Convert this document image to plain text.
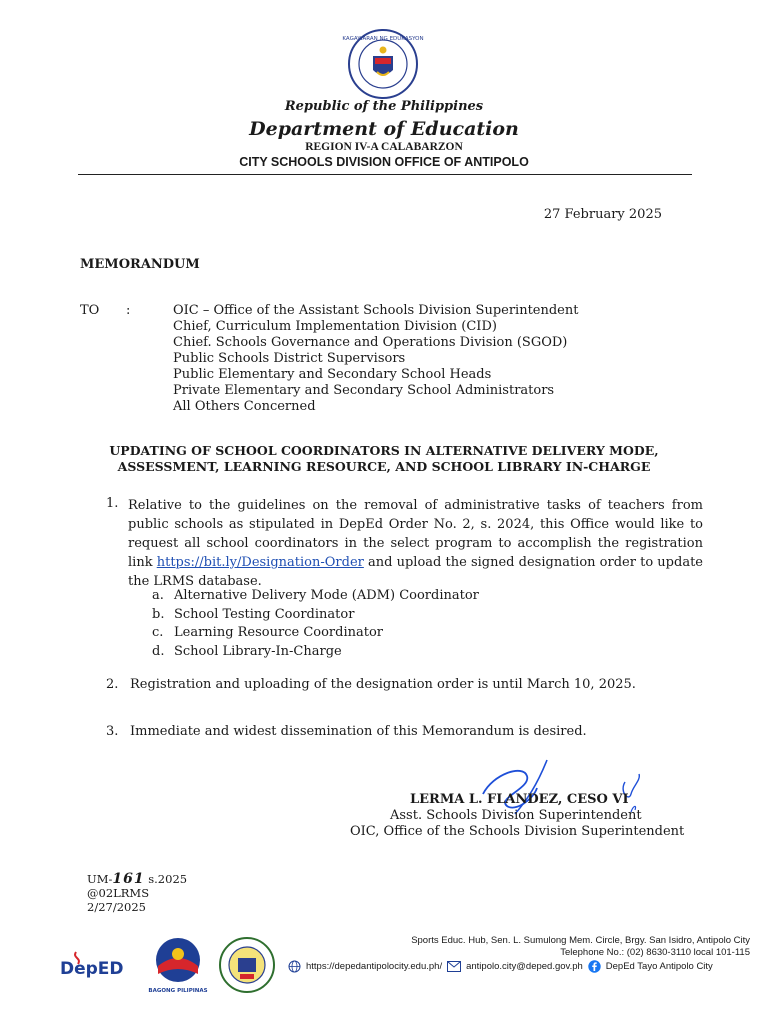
KAGAWARAN NG EDUKASYON
Republic of the Philippines
Department of Education
REGION IV-A CALABARZON
CITY SCHOOLS DIVISION OFFICE OF ANTIPOLO
27 February 2025
MEMORANDUM
TO :	OIC – Office of the Assistant Schools Division Superintendent
Chief, Curriculum Implementation Division (CID)
Chief. Schools Governance and Operations Division (SGOD)
Public Schools District Supervisors
Public Elementary and Secondary School Heads
Private Elementary and Secondary School Administrators
All Others Concerned
UPDATING OF SCHOOL COORDINATORS IN ALTERNATIVE DELIVERY MODE,
ASSESSMENT, LEARNING RESOURCE, AND SCHOOL LIBRARY IN-CHARGE
1. Relative to the guidelines on the removal of administrative tasks of teachers from public schools as stipulated in DepEd Order No. 2, s. 2024, this Office would like to request all school coordinators in the select program to accomplish the registration link https://bit.ly/Designation-Order and upload the signed designation order to update the LRMS database.
a. Alternative Delivery Mode (ADM) Coordinator
b. School Testing Coordinator
c. Learning Resource Coordinator
d. School Library-In-Charge
2. Registration and uploading of the designation order is until March 10, 2025.
3. Immediate and widest dissemination of this Memorandum is desired.
LERMA L. FLANDEZ, CESO VI
Asst. Schools Division Superintendent
OIC, Office of the Schools Division Superintendent
UM-161 s.2025
@02LRMS
2/27/2025
DepED
BAGONG PILIPINAS
Sports Educ. Hub, Sen. L. Sumulong Mem. Circle, Brgy. San Isidro, Antipolo City
Telephone No.: (02) 8630-3110 local 101-115
https://depedantipolocity.edu.ph/	antipolo.city@deped.gov.ph DepEd Tayo Antipolo City
